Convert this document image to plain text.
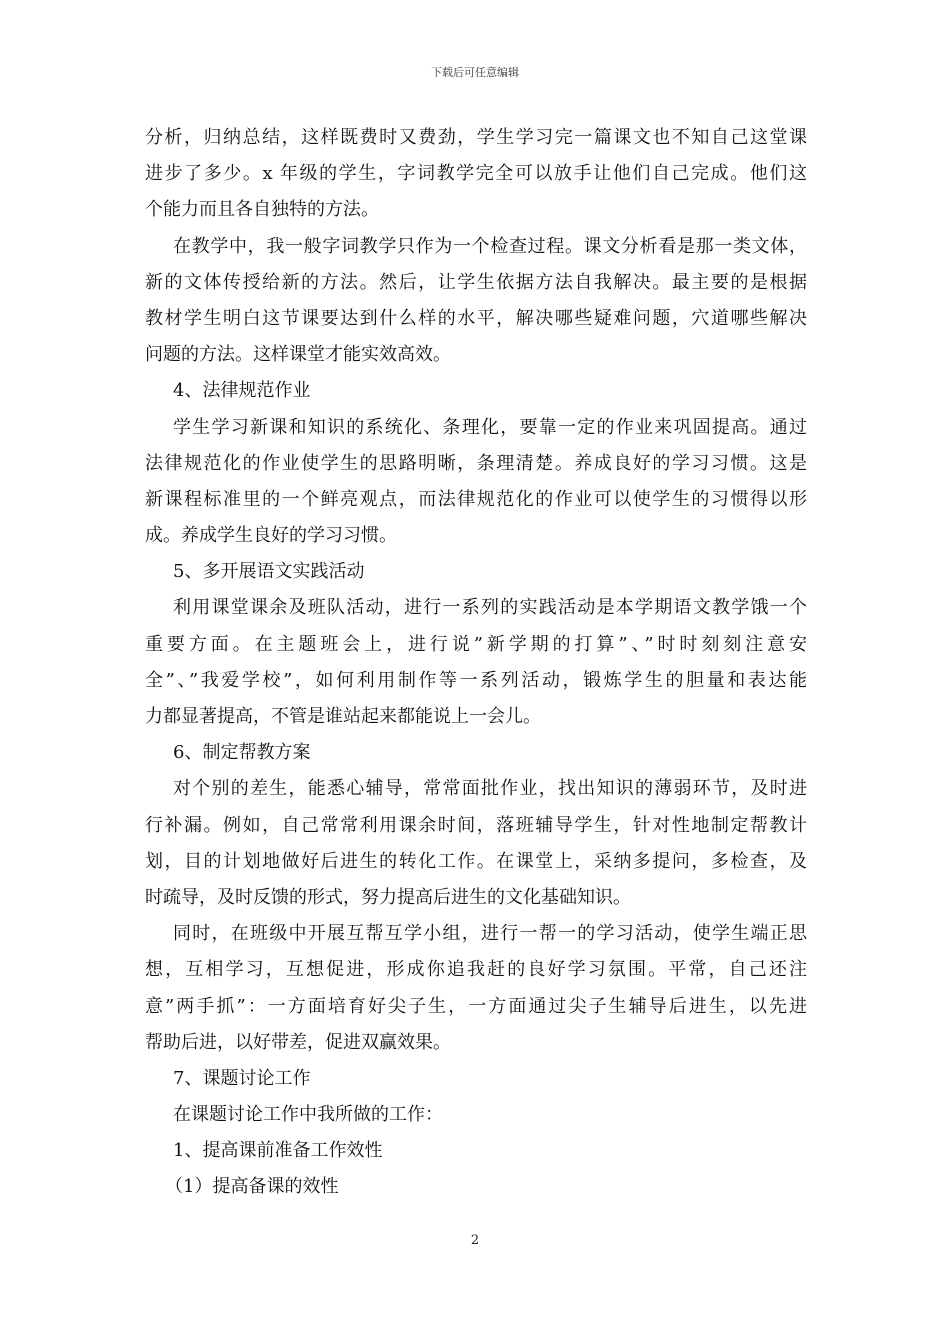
下载后可任意编辑
分析，归纳总结，这样既费时又费劲，学生学习完一篇课文也不知自己这堂课
进步了多少。x 年级的学生，字词教学完全可以放手让他们自己完成。他们这
个能力而且各自独特的方法。
在教学中，我一般字词教学只作为一个检查过程。课文分析看是那一类文体，
新的文体传授给新的方法。然后，让学生依据方法自我解决。最主要的是根据
教材学生明白这节课要达到什么样的水平，解决哪些疑难问题，穴道哪些解决
问题的方法。这样课堂才能实效高效。
4、法律规范作业
学生学习新课和知识的系统化、条理化，要靠一定的作业来巩固提高。通过
法律规范化的作业使学生的思路明晰，条理清楚。养成良好的学习习惯。这是
新课程标准里的一个鲜亮观点，而法律规范化的作业可以使学生的习惯得以形
成。养成学生良好的学习习惯。
5、多开展语文实践活动
利用课堂课余及班队活动，进行一系列的实践活动是本学期语文教学饿一个
重要方面。在主题班会上，进行说”新学期的打算”、”时时刻刻注意安
全”、”我爱学校”，如何利用制作等一系列活动，锻炼学生的胆量和表达能
力都显著提高，不管是谁站起来都能说上一会儿。
6、制定帮教方案
对个别的差生，能悉心辅导，常常面批作业，找出知识的薄弱环节，及时进
行补漏。例如，自己常常利用课余时间，落班辅导学生，针对性地制定帮教计
划，目的计划地做好后进生的转化工作。在课堂上，采纳多提问，多检查，及
时疏导，及时反馈的形式，努力提高后进生的文化基础知识。
同时，在班级中开展互帮互学小组，进行一帮一的学习活动，使学生端正思
想，互相学习，互想促进，形成你追我赶的良好学习氛围。平常，自己还注
意”两手抓”：一方面培育好尖子生，一方面通过尖子生辅导后进生，以先进
帮助后进，以好带差，促进双赢效果。
7、课题讨论工作
在课题讨论工作中我所做的工作：
1、提高课前准备工作效性
（1）提高备课的效性
2
